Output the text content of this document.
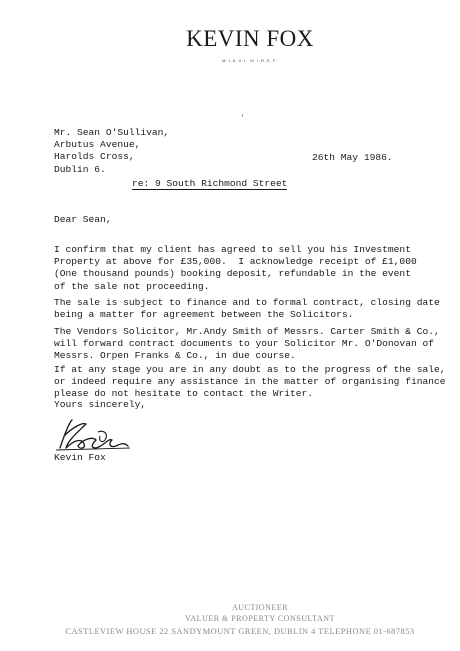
KEVIN FOX
M.I.A.V.I. M.I.R.E.F.
ʼ
Mr. Sean O'Sullivan,
Arbutus Avenue,
Harolds Cross,
Dublin 6.
26th May 1986.
re: 9 South Richmond Street
Dear Sean,
I confirm that my client has agreed to sell you his Investment
Property at above for £35,000.  I acknowledge receipt of £1,000
(One thousand pounds) booking deposit, refundable in the event
of the sale not proceeding.
The sale is subject to finance and to formal contract, closing date
being a matter for agreement between the Solicitors.
The Vendors Solicitor, Mr.Andy Smith of Messrs. Carter Smith & Co.,
will forward contract documents to your Solicitor Mr. O'Donovan of
Messrs. Orpen Franks & Co., in due course.
If at any stage you are in any doubt as to the progress of the sale,
or indeed require any assistance in the matter of organising finance
please do not hesitate to contact the Writer.
Yours sincerely,
Kevin Fox
AUCTIONEER
VALUER & PROPERTY CONSULTANT
CASTLEVIEW HOUSE 22 SANDYMOUNT GREEN, DUBLIN 4 TELEPHONE 01-687853
